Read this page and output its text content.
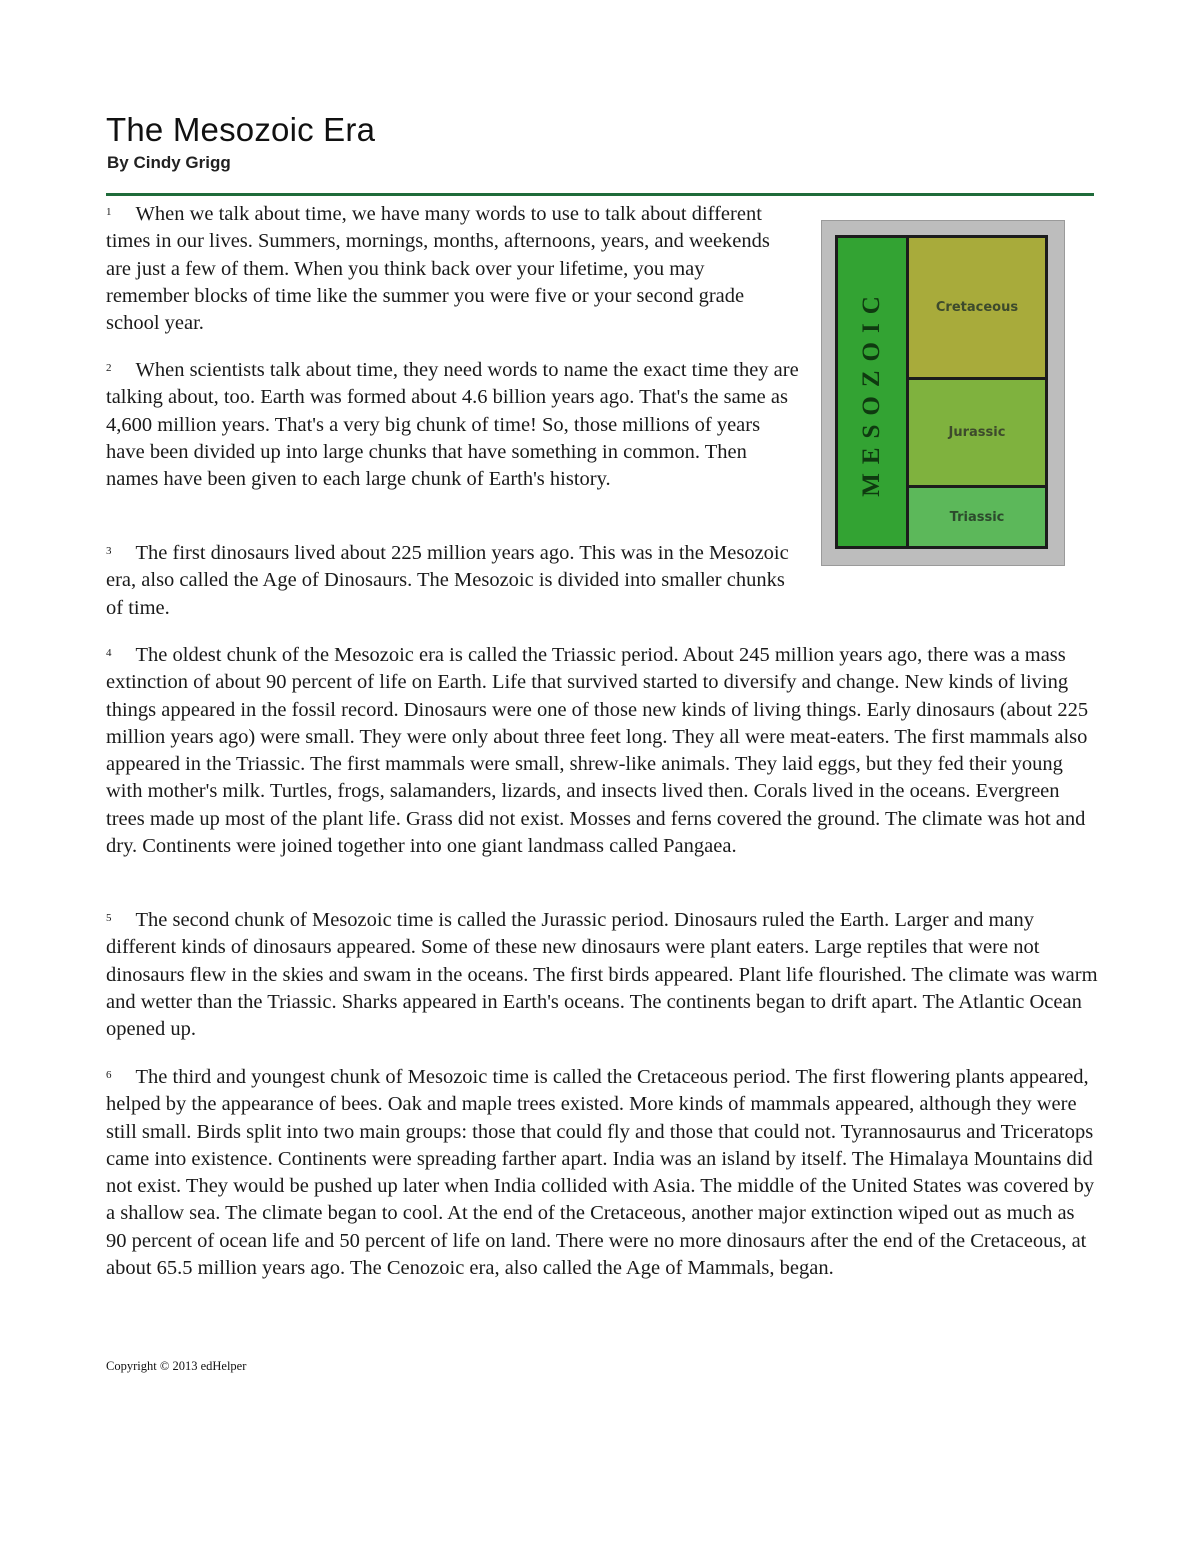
The Mesozoic Era
By Cindy Grigg
MESOZOIC	Cretaceous
Jurassic
Triassic

$^1$ When we talk about time, we have many words to use to talk about different times in our lives. Summers, mornings, months, afternoons, years, and weekends are just a few of them. When you think back over your lifetime, you may remember blocks of time like the summer you were five or your second grade school year.

$^2$ When scientists talk about time, they need words to name the exact time they are talking about, too. Earth was formed about 4.6 billion years ago. That's the same as 4,600 million years. That's a very big chunk of time! So, those millions of years have been divided up into large chunks that have something in common. Then names have been given to each large chunk of Earth's history.

$^3$ The first dinosaurs lived about 225 million years ago. This was in the Mesozoic era, also called the Age of Dinosaurs. The Mesozoic is divided into smaller chunks of time.

$^4$ The oldest chunk of the Mesozoic era is called the Triassic period. About 245 million years ago, there was a mass extinction of about 90 percent of life on Earth. Life that survived started to diversify and change. New kinds of living things appeared in the fossil record. Dinosaurs were one of those new kinds of living things. Early dinosaurs (about 225 million years ago) were small. They were only about three feet long. They all were meat-eaters. The first mammals also appeared in the Triassic. The first mammals were small, shrew-like animals. They laid eggs, but they fed their young with mother's milk. Turtles, frogs, salamanders, lizards, and insects lived then. Corals lived in the oceans. Evergreen trees made up most of the plant life. Grass did not exist. Mosses and ferns covered the ground. The climate was hot and dry. Continents were joined together into one giant landmass called Pangaea.

$^5$ The second chunk of Mesozoic time is called the Jurassic period. Dinosaurs ruled the Earth. Larger and many different kinds of dinosaurs appeared. Some of these new dinosaurs were plant eaters. Large reptiles that were not dinosaurs flew in the skies and swam in the oceans. The first birds appeared. Plant life flourished. The climate was warm and wetter than the Triassic. Sharks appeared in Earth's oceans. The continents began to drift apart. The Atlantic Ocean opened up.

$^6$ The third and youngest chunk of Mesozoic time is called the Cretaceous period. The first flowering plants appeared, helped by the appearance of bees. Oak and maple trees existed. More kinds of mammals appeared, although they were still small. Birds split into two main groups: those that could fly and those that could not. Tyrannosaurus and Triceratops came into existence. Continents were spreading farther apart. India was an island by itself. The Himalaya Mountains did not exist. They would be pushed up later when India collided with Asia. The middle of the United States was covered by a shallow sea. The climate began to cool. At the end of the Cretaceous, another major extinction wiped out as much as 90 percent of ocean life and 50 percent of life on land. There were no more dinosaurs after the end of the Cretaceous, at about 65.5 million years ago. The Cenozoic era, also called the Age of Mammals, began.

Copyright © 2013 edHelper
